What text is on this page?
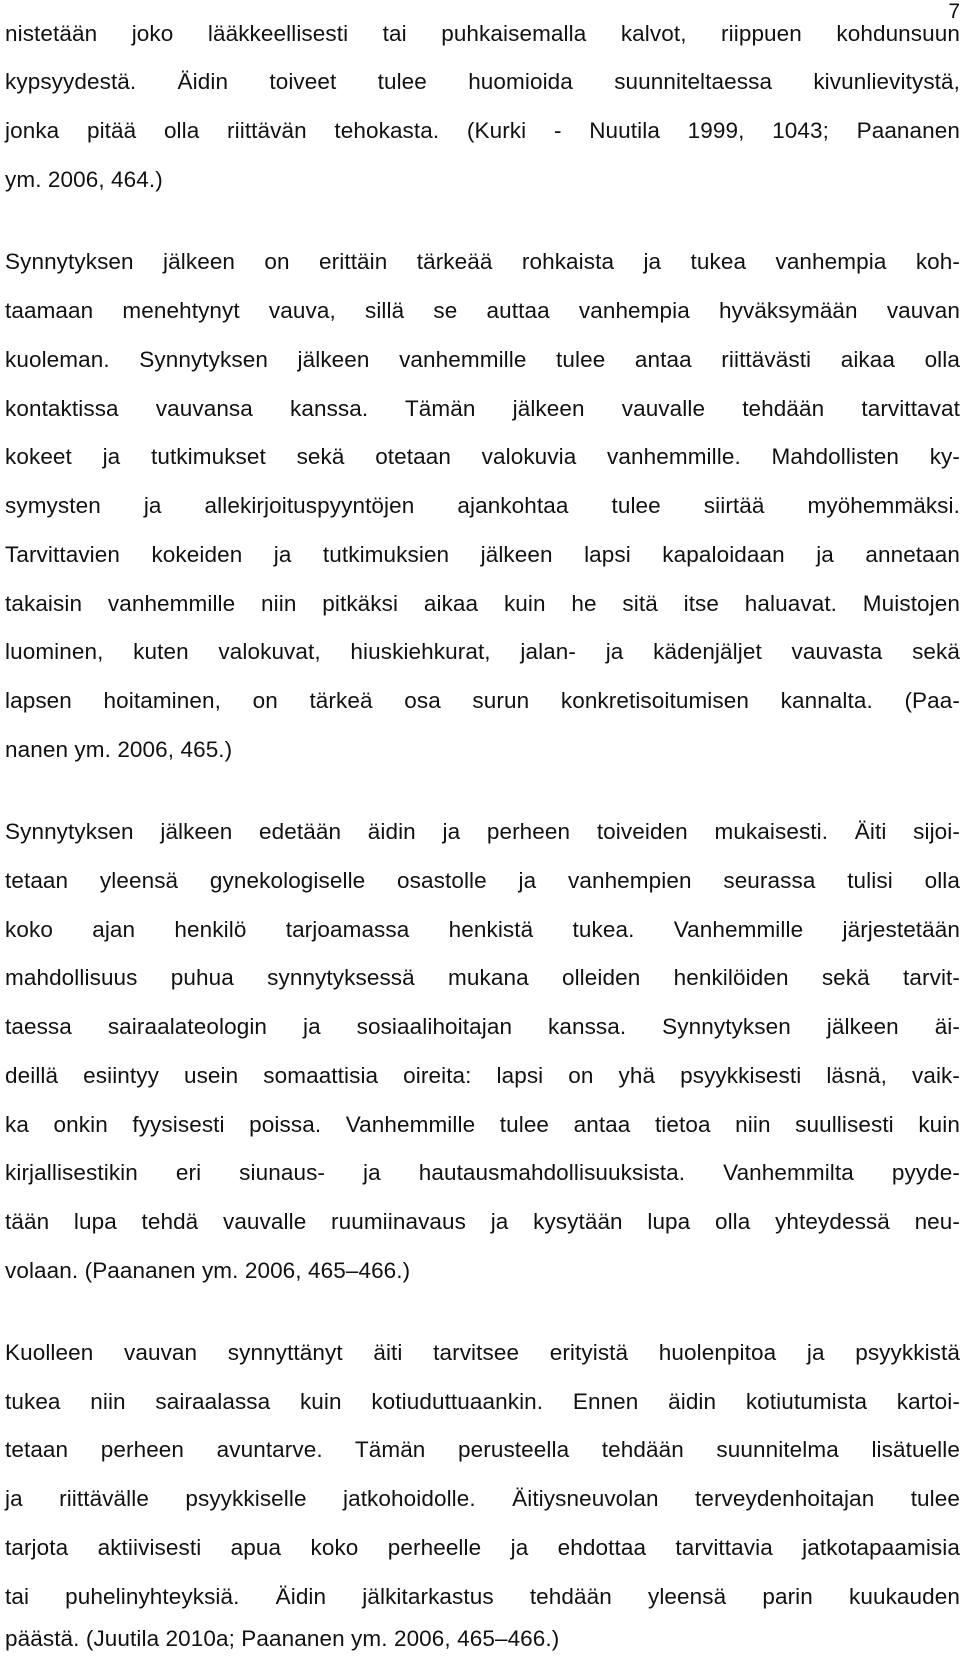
7
nistetään joko lääkkeellisesti tai puhkaisemalla kalvot, riippuen kohdunsuun
kypsyydestä. Äidin toiveet tulee huomioida suunniteltaessa kivunlievitystä,
jonka pitää olla riittävän tehokasta. (Kurki - Nuutila 1999, 1043; Paananen
ym. 2006, 464.)
Synnytyksen jälkeen on erittäin tärkeää rohkaista ja tukea vanhempia koh-
taamaan menehtynyt vauva, sillä se auttaa vanhempia hyväksymään vauvan
kuoleman. Synnytyksen jälkeen vanhemmille tulee antaa riittävästi aikaa olla
kontaktissa vauvansa kanssa. Tämän jälkeen vauvalle tehdään tarvittavat
kokeet ja tutkimukset sekä otetaan valokuvia vanhemmille. Mahdollisten ky-
symysten ja allekirjoituspyyntöjen ajankohtaa tulee siirtää myöhemmäksi.
Tarvittavien kokeiden ja tutkimuksien jälkeen lapsi kapaloidaan ja annetaan
takaisin vanhemmille niin pitkäksi aikaa kuin he sitä itse haluavat. Muistojen
luominen, kuten valokuvat, hiuskiehkurat, jalan- ja kädenjäljet vauvasta sekä
lapsen hoitaminen, on tärkeä osa surun konkretisoitumisen kannalta. (Paa-
nanen ym. 2006, 465.)
Synnytyksen jälkeen edetään äidin ja perheen toiveiden mukaisesti. Äiti sijoi-
tetaan yleensä gynekologiselle osastolle ja vanhempien seurassa tulisi olla
koko ajan henkilö tarjoamassa henkistä tukea. Vanhemmille järjestetään
mahdollisuus puhua synnytyksessä mukana olleiden henkilöiden sekä tarvit-
taessa sairaalateologin ja sosiaalihoitajan kanssa. Synnytyksen jälkeen äi-
deillä esiintyy usein somaattisia oireita: lapsi on yhä psyykkisesti läsnä, vaik-
ka onkin fyysisesti poissa. Vanhemmille tulee antaa tietoa niin suullisesti kuin
kirjallisestikin eri siunaus- ja hautausmahdollisuuksista. Vanhemmilta pyyde-
tään lupa tehdä vauvalle ruumiinavaus ja kysytään lupa olla yhteydessä neu-
volaan. (Paananen ym. 2006, 465–466.)
Kuolleen vauvan synnyttänyt äiti tarvitsee erityistä huolenpitoa ja psyykkistä
tukea niin sairaalassa kuin kotiuduttuaankin. Ennen äidin kotiutumista kartoi-
tetaan perheen avuntarve. Tämän perusteella tehdään suunnitelma lisätuelle
ja riittävälle psyykkiselle jatkohoidolle. Äitiysneuvolan terveydenhoitajan tulee
tarjota aktiivisesti apua koko perheelle ja ehdottaa tarvittavia jatkotapaamisia
tai puhelinyhteyksiä. Äidin jälkitarkastus tehdään yleensä parin kuukauden
päästä. (Juutila 2010a; Paananen ym. 2006, 465–466.)
